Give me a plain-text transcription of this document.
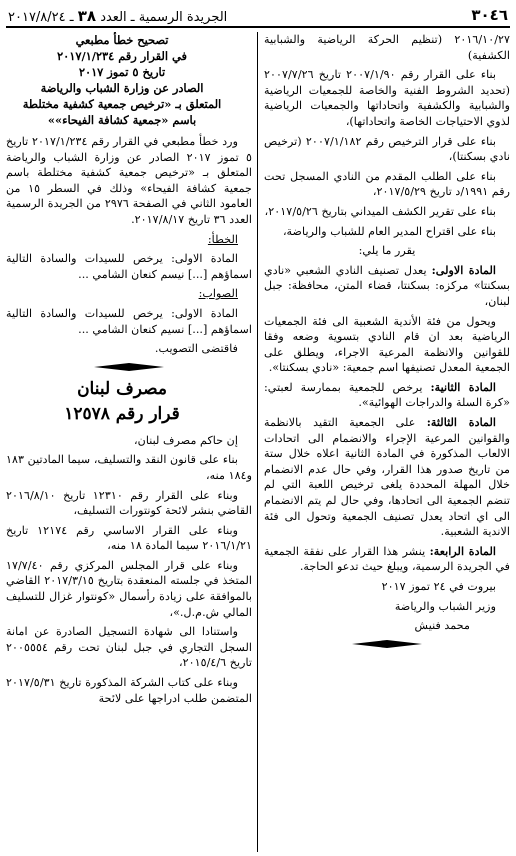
٣٠٤٦
الجريدة الرسمية ـ العدد ٣٨ ـ ٢٠١٧/٨/٢٤

٢٠١٦/١٠/٢٧ (تنظيم الحركة الرياضية والشبابية الكشفية)

بناء على القرار رقم ٢٠٠٧/١/٩٠ تاريخ ٢٠٠٧/٧/٢٦ (تحديد الشروط الفنية والخاصة للجمعيات الرياضية والشبابية والكشفية واتحاداتها والجمعيات الرياضية لذوي الاحتياجات الخاصة واتحاداتها)،

بناء على قرار الترخيص رقم ٢٠٠٧/١/١٨٢ (ترخيص نادي بسكنتا)،

بناء على الطلب المقدم من النادي المسجل تحت رقم ١٩٩١/د تاريخ ٢٠١٧/٥/٢٩،

بناء على تقرير الكشف الميداني بتاريخ ٢٠١٧/٥/٢٦،

بناء على اقتراح المدير العام للشباب والرياضة،

يقرر ما يلي:

المادة الاولى: يعدل تصنيف النادي الشعبي «نادي بسكنتا» مركزه: بسكنتا، قضاء المتن، محافظة: جبل لبنان،

ويحول من فئة الأندية الشعبية الى فئة الجمعيات الرياضية بعد ان قام النادي بتسوية وضعه وفقا للقوانين والانظمة المرعية الاجراء، ويطلق على الجمعية المعدل تصنيفها اسم جمعية: «نادي بسكنتا».

المادة الثانية: يرخص للجمعية بممارسة لعبتي: «كرة السلة والدراجات الهوائية».

المادة الثالثة: على الجمعية التقيد بالانظمة والقوانين المرعية الإجراء والانضمام الى اتحادات الالعاب المذكورة في المادة الثانية اعلاه خلال ستة من تاريخ صدور هذا القرار، وفي حال عدم الانضمام خلال المهلة المحددة يلغى ترخيص اللعبة التي لم تنضم الجمعية الى اتحادها، وفي حال لم يتم الانضمام الى اي اتحاد يعدل تصنيف الجمعية وتحول الى فئة الاندية الشعبية.

المادة الرابعة: ينشر هذا القرار على نفقة الجمعية في الجريدة الرسمية، ويبلغ حيث تدعو الحاجة.

بيروت في ٢٤ تموز ٢٠١٧

وزير الشباب والرياضة

محمد فنيش

تصحيح خطأ مطبعي

في القرار رقم ٢٠١٧/١/٢٣٤

تاريخ ٥ تموز ٢٠١٧

الصادر عن وزارة الشباب والرياضة

المتعلق بـ «ترخيص جمعية كشفية مختلطة

باسم «جمعية كشافة الفيحاء»»

ورد خطأ مطبعي في القرار رقم ٢٠١٧/١/٢٣٤ تاريخ ٥ تموز ٢٠١٧ الصادر عن وزارة الشباب والرياضة المتعلق بـ «ترخيص جمعية كشفية مختلطة باسم جمعية كشافة الفيحاء» وذلك في السطر ١٥ من العامود الثاني في الصفحة ٢٩٧٦ من الجريدة الرسمية العدد ٣٦ تاريخ ٢٠١٧/٨/١٧.

الخطأ:

المادة الاولى: يرخص للسيدات والسادة التالية اسماؤهم [...] نيسم كنعان الشامي ...

الصواب:

المادة الاولى: يرخص للسيدات والسادة التالية اسماؤهم [...] نسيم كنعان الشامي ...

فاقتضى التصويب.

مصرف لبنان

قرار رقم ١٢٥٧٨

إن حاكم مصرف لبنان،

بناء على قانون النقد والتسليف، سيما المادتين ١٨٣ و١٨٤ منه،

وبناء على القرار رقم ١٢٣١٠ تاريخ ٢٠١٦/٨/١٠ القاضي بنشر لائحة كونتورات التسليف،

وبناء على القرار الاساسي رقم ١٢١٧٤ تاريخ ٢٠١٦/١/٢١ سيما المادة ١٨ منه،

وبناء على قرار المجلس المركزي رقم ١٧/٧/٤٠ المتخذ في جلسته المنعقدة بتاريخ ٢٠١٧/٣/١٥ القاضي بالموافقة على زيادة رأسمال «كونتوار غزال للتسليف المالي ش.م.ل.»،

واستنادا الى شهادة التسجيل الصادرة عن امانة السجل التجاري في جبل لبنان تحت رقم ٢٠٠٥٥٥٤ تاريخ ٢٠١٥/٤/٦،

وبناء على كتاب الشركة المذكورة تاريخ ٢٠١٧/٥/٣١ المتضمن طلب ادراجها على لائحة
